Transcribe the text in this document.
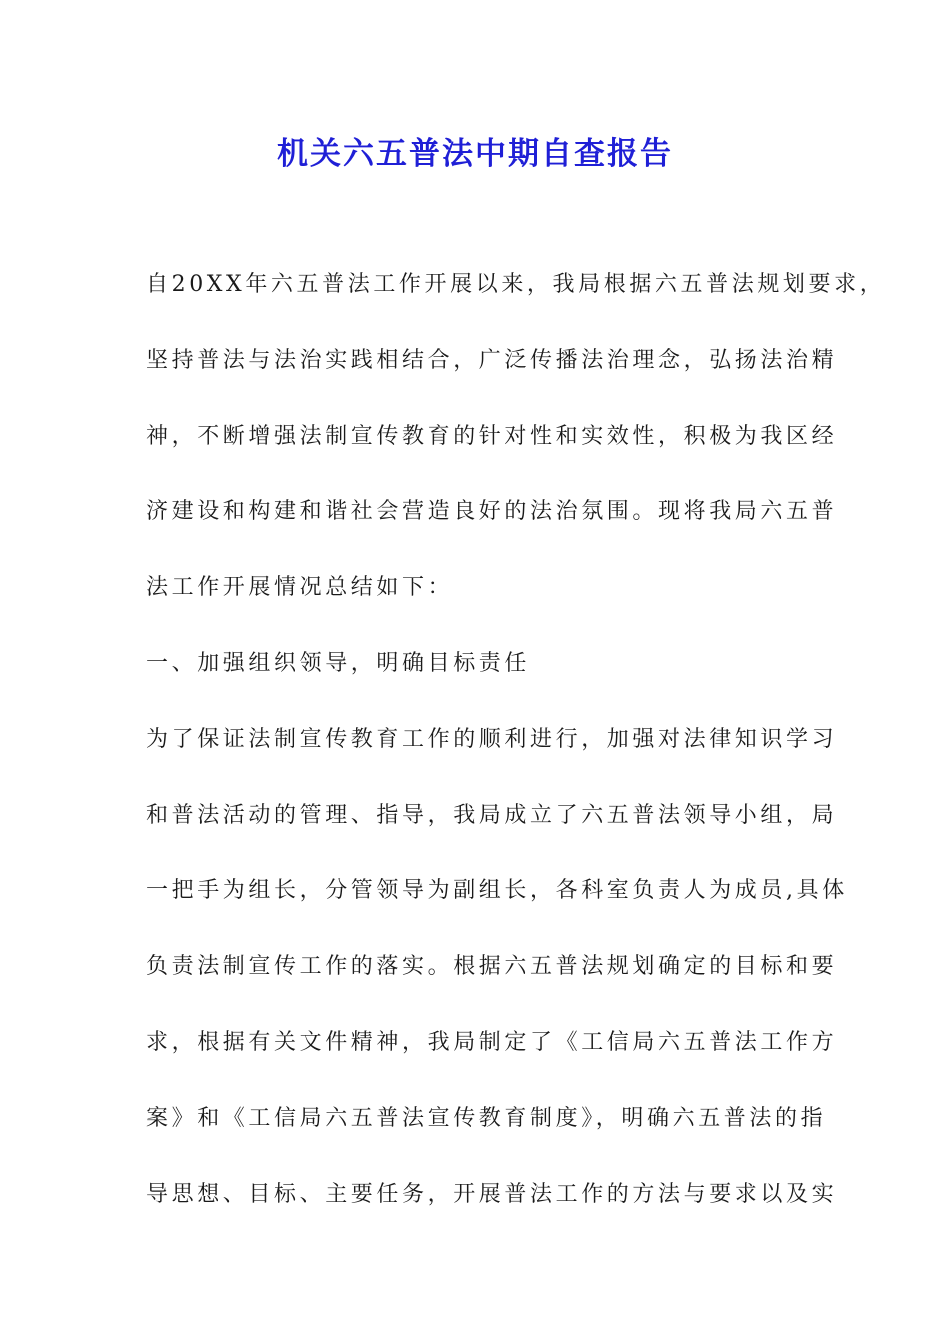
机关六五普法中期自查报告
自20XX年六五普法工作开展以来，我局根据六五普法规划要求，
坚持普法与法治实践相结合，广泛传播法治理念，弘扬法治精
神，不断增强法制宣传教育的针对性和实效性，积极为我区经
济建设和构建和谐社会营造良好的法治氛围。现将我局六五普
法工作开展情况总结如下：
一、加强组织领导，明确目标责任
为了保证法制宣传教育工作的顺利进行，加强对法律知识学习
和普法活动的管理、指导，我局成立了六五普法领导小组，局
一把手为组长，分管领导为副组长，各科室负责人为成员,具体
负责法制宣传工作的落实。根据六五普法规划确定的目标和要
求，根据有关文件精神，我局制定了《工信局六五普法工作方
案》和《工信局六五普法宣传教育制度》，明确六五普法的指
导思想、目标、主要任务，开展普法工作的方法与要求以及实
